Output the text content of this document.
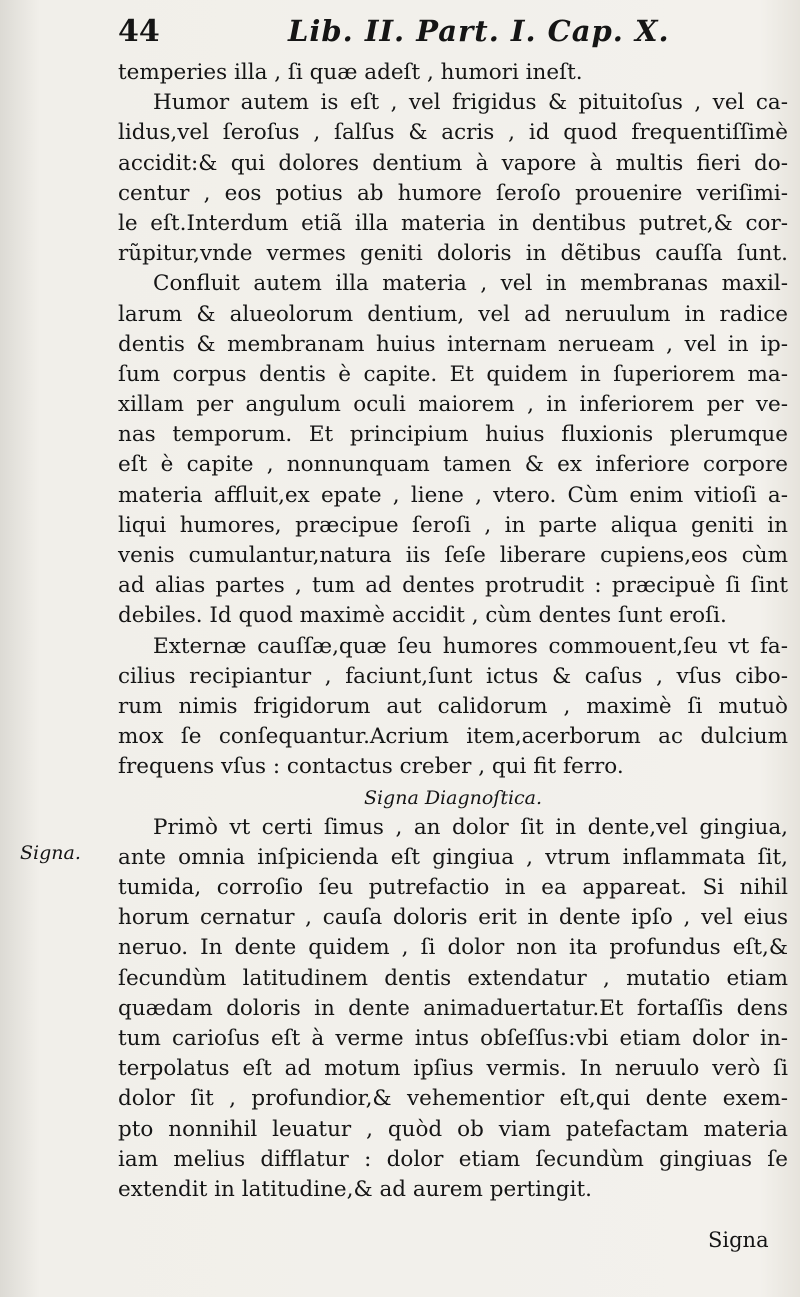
44	Lib. II. Part. I. Cap. X.
Signa.
temperies illa , ſi quæ adeſt , humori ineſt.
Humor autem is eſt , vel frigidus & pituitoſus , vel ca-
lidus,vel ſeroſus , ſalſus & acris , id quod frequentiſſimè
accidit:& qui dolores dentium à vapore à multis fieri do-
centur , eos potius ab humore ſeroſo prouenire veriſimi-
le eſt.Interdum etiã illa materia in dentibus putret,& cor-
rũpitur,vnde vermes geniti doloris in dẽtibus cauſſa ſunt.
Confluit autem illa materia , vel in membranas maxil-
larum & alueolorum dentium, vel ad neruulum in radice
dentis & membranam huius internam nerueam , vel in ip-
ſum corpus dentis è capite. Et quidem in ſuperiorem ma-
xillam per angulum oculi maiorem , in inferiorem per ve-
nas temporum. Et principium huius fluxionis plerumque
eſt è capite , nonnunquam tamen & ex inferiore corpore
materia affluit,ex epate , liene , vtero. Cùm enim vitioſi a-
liqui humores, præcipue ſeroſi , in parte aliqua geniti in
venis cumulantur,natura iis ſeſe liberare cupiens,eos cùm
ad alias partes , tum ad dentes protrudit : præcipuè ſi ſint
debiles. Id quod maximè accidit , cùm dentes ſunt eroſi.
Externæ cauſſæ,quæ ſeu humores commouent,ſeu vt fa-
cilius recipiantur , faciunt,ſunt ictus & caſus , vſus cibo-
rum nimis frigidorum aut calidorum , maximè ſi mutuò
mox ſe conſequantur.Acrium item,acerborum ac dulcium
frequens vſus : contactus creber , qui fit ferro.
Signa Diagnoſtica.
Primò vt certi ſimus , an dolor ſit in dente,vel gingiua,
ante omnia inſpicienda eſt gingiua , vtrum inflammata ſit,
tumida, corroſio ſeu putrefactio in ea appareat. Si nihil
horum cernatur , cauſa doloris erit in dente ipſo , vel eius
neruo. In dente quidem , ſi dolor non ita profundus eſt,&
ſecundùm latitudinem dentis extendatur , mutatio etiam
quædam doloris in dente animaduertatur.Et fortaſſis dens
tum carioſus eſt à verme intus obſeſſus:vbi etiam dolor in-
terpolatus eſt ad motum ipſius vermis. In neruulo verò ſi
dolor ſit , profundior,& vehementior eſt,qui dente exem-
pto nonnihil leuatur , quòd ob viam patefactam materia
iam melius difflatur : dolor etiam ſecundùm gingiuas ſe
extendit in latitudine,& ad aurem pertingit.
Signa
